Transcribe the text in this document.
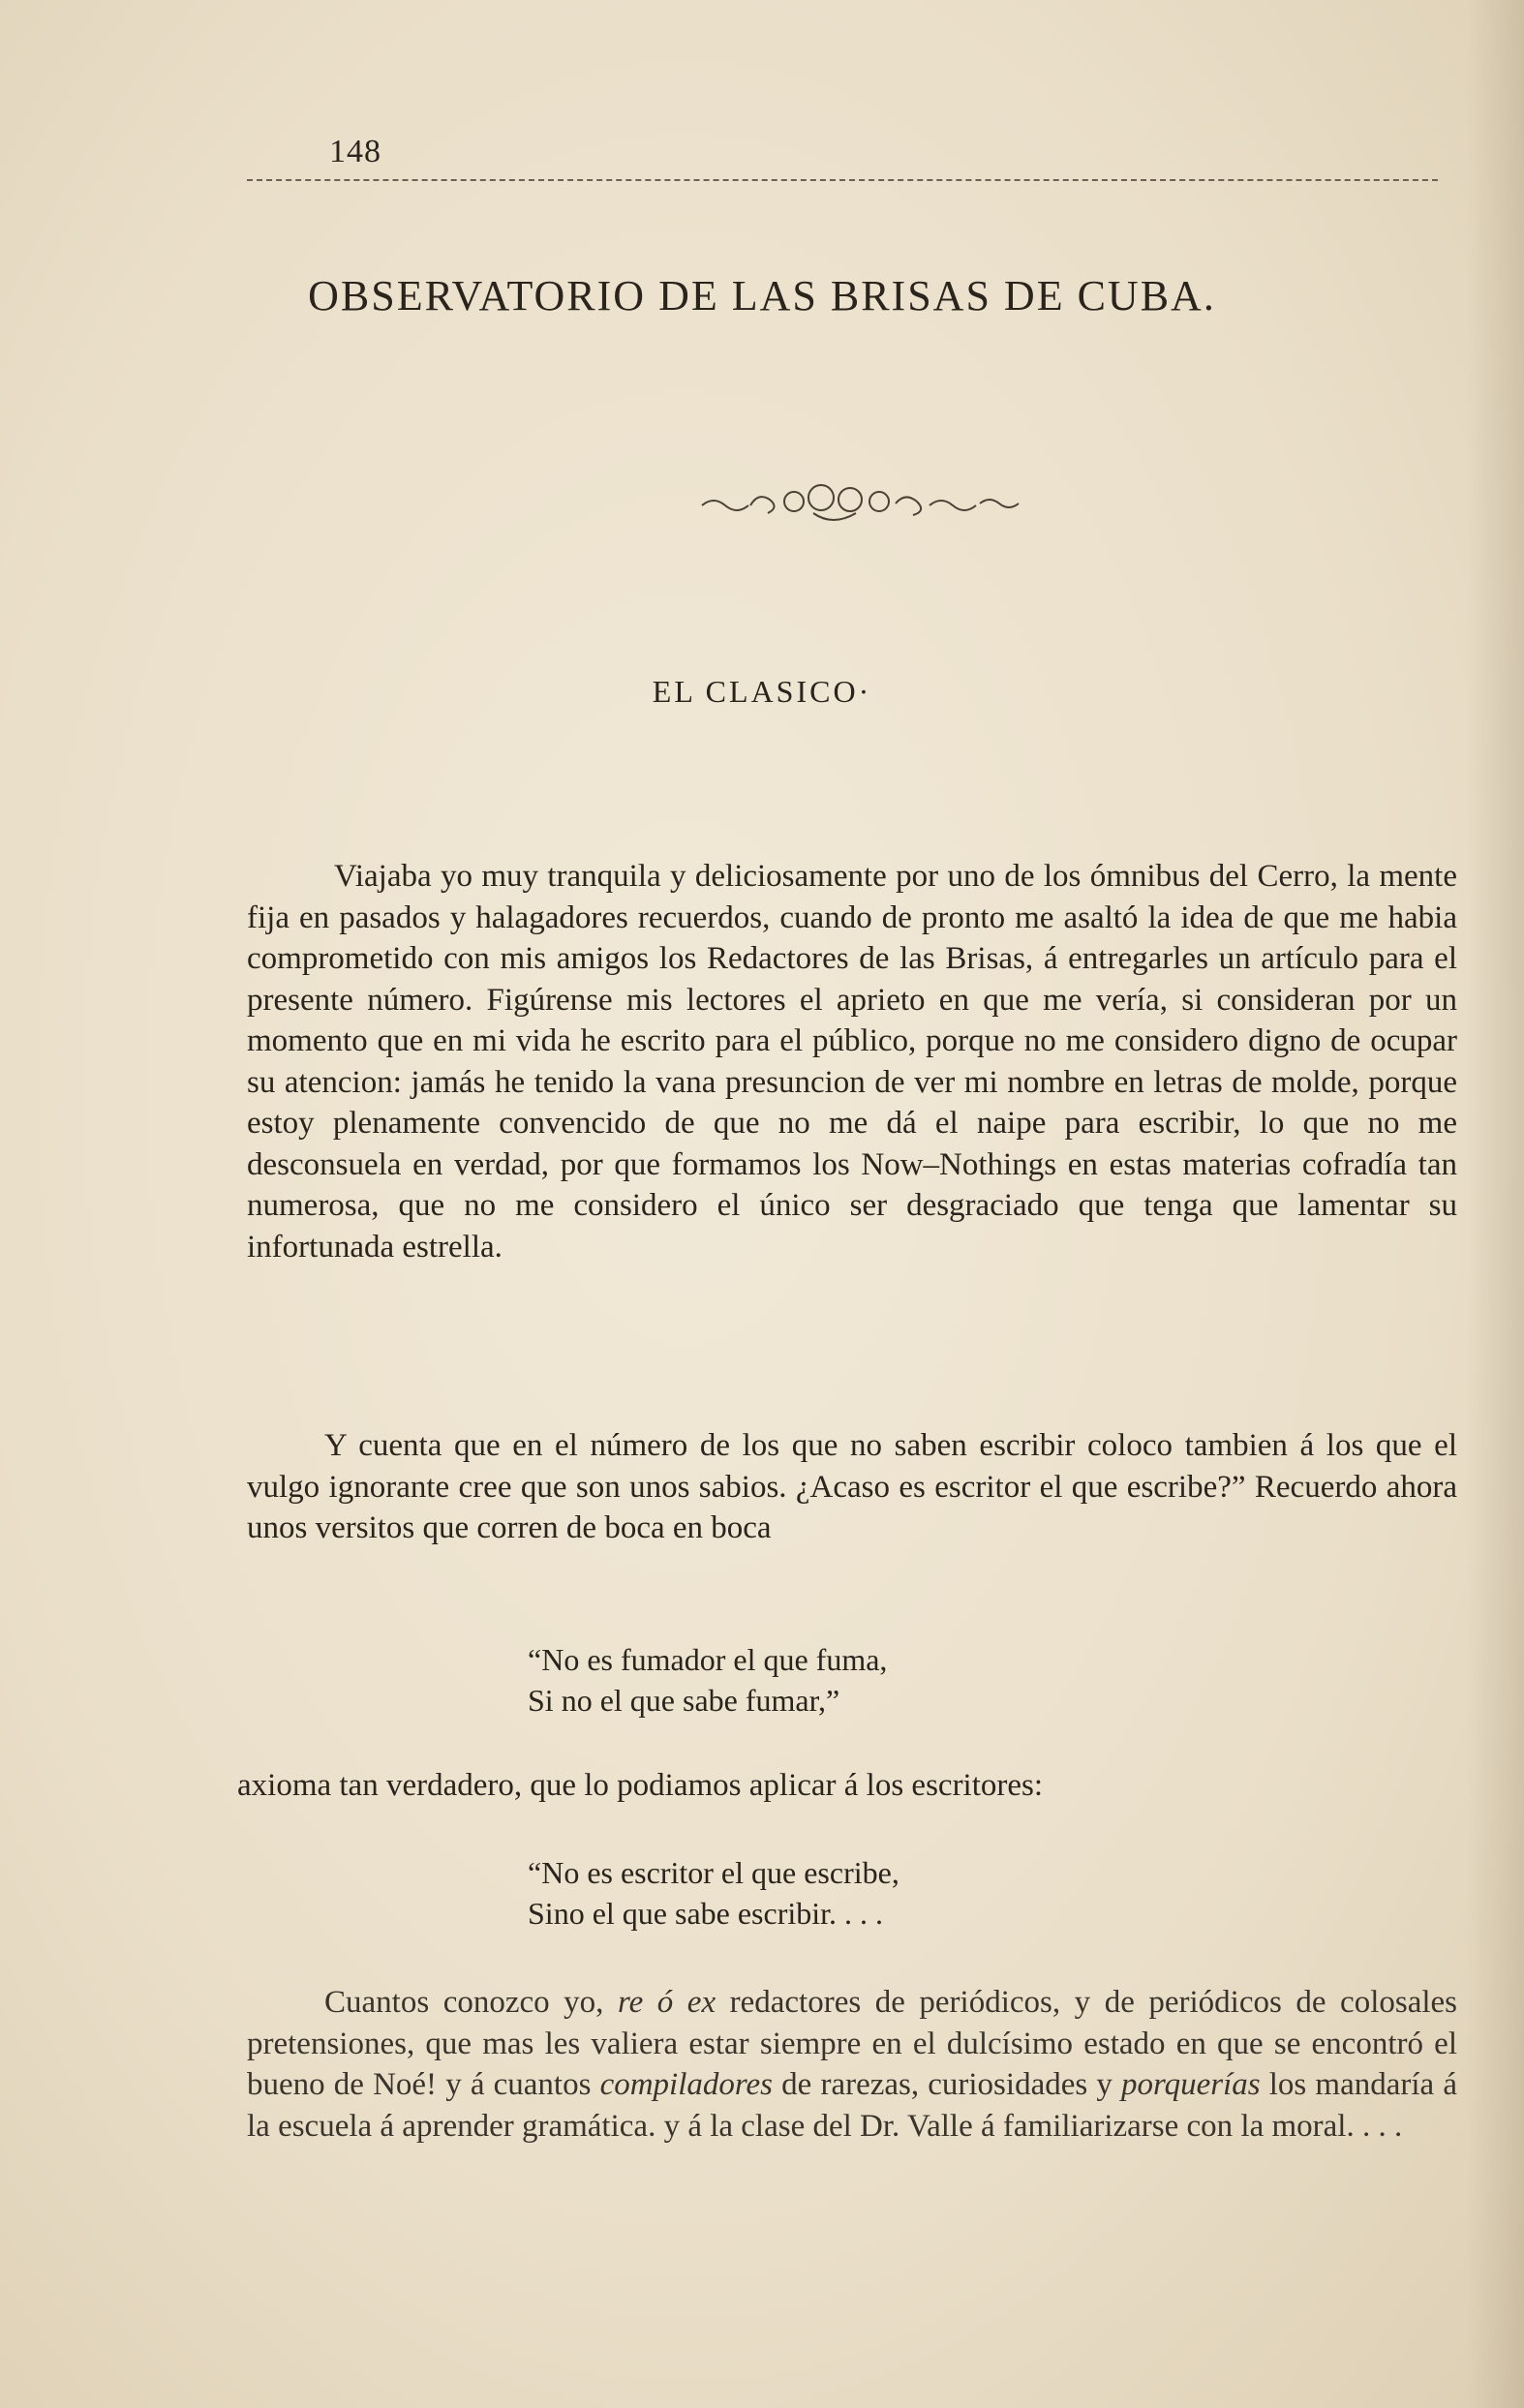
148
OBSERVATORIO DE LAS BRISAS DE CUBA.
EL CLASICO·

Viajaba yo muy tranquila y deliciosamente por uno de los ómnibus del Cerro, la mente fija en pasados y halagadores recuerdos, cuando de pronto me asaltó la idea de que me habia comprometido con mis amigos los Redactores de las Brisas, á entregarles un artículo para el presente número. Figúrense mis lectores el aprieto en que me vería, si consideran por un momento que en mi vida he escrito para el público, porque no me considero digno de ocupar su atencion: jamás he tenido la vana presuncion de ver mi nombre en letras de molde, porque estoy plenamente convencido de que no me dá el naipe para escribir, lo que no me desconsuela en verdad, por que formamos los Now–Nothings en estas materias cofradía tan numerosa, que no me considero el único ser desgraciado que tenga que lamentar su infortunada estrella.

Y cuenta que en el número de los que no saben escribir coloco tambien á los que el vulgo ignorante cree que son unos sabios. ¿Acaso es escritor el que escribe?” Recuerdo ahora unos versitos que corren de boca en boca

“No es fumador el que fuma,
Si no el que sabe fumar,”
axioma tan verdadero, que lo podiamos aplicar á los escritores:
“No es escritor el que escribe,
Sino el que sabe escribir. . . .

Cuantos conozco yo, re ó ex redactores de periódicos, y de periódicos de colosales pretensiones, que mas les valiera estar siempre en el dulcísimo estado en que se encontró el bueno de Noé! y á cuantos compiladores de rarezas, curiosidades y porquerías los mandaría á la escuela á aprender gramática. y á la clase del Dr. Valle á familiarizarse con la moral. . . .
